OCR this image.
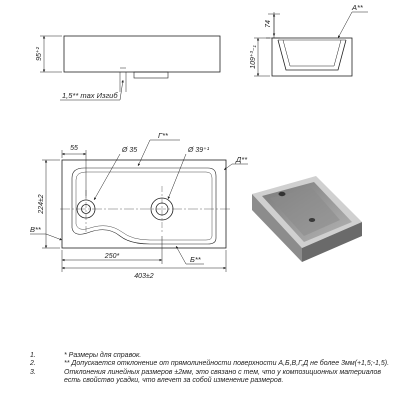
95⁺²
1,5** max Изгиб
109⁺³₋₁
74
А**
55	Ø 35	Ø 39⁺¹
Г**
Д**
224±2
В**
250*
403±2
Б**
1.	* Размеры для справок.
2.	** Допускается отклонение от прямолинейности поверхности А,Б,В,Г,Д не более 3мм(+1,5;-1,5).
3.	Отклонения линейных размеров ±2мм, это связано с тем, что у композиционных материалов есть свойство усадки, что влечет за собой изменение размеров.
